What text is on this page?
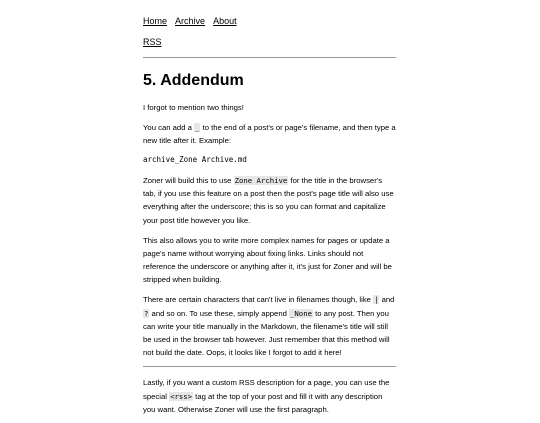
Home Archive About
RSS
5. Addendum

I forgot to mention two things!

You can add a _ to the end of a post's or page's filename, and then type a new title after it. Example:

archive_Zone Archive.md

Zoner will build this to use Zone Archive for the title in the browser's tab, if you use this feature on a post then the post's page title will also use everything after the underscore; this is so you can format and capitalize your post title however you like.

This also allows you to write more complex names for pages or update a page's name without worrying about fixing links. Links should not reference the underscore or anything after it, it's just for Zoner and will be stripped when building.

There are certain characters that can't live in filenames though, like | and ? and so on. To use these, simply append _None to any post. Then you can write your title manually in the Markdown, the filename's title will still be used in the browser tab however. Just remember that this method will not build the date. Oops, it looks like I forgot to add it here!

Lastly, if you want a custom RSS description for a page, you can use the special <rss> tag at the top of your post and fill it with any description you want. Otherwise Zoner will use the first paragraph.
